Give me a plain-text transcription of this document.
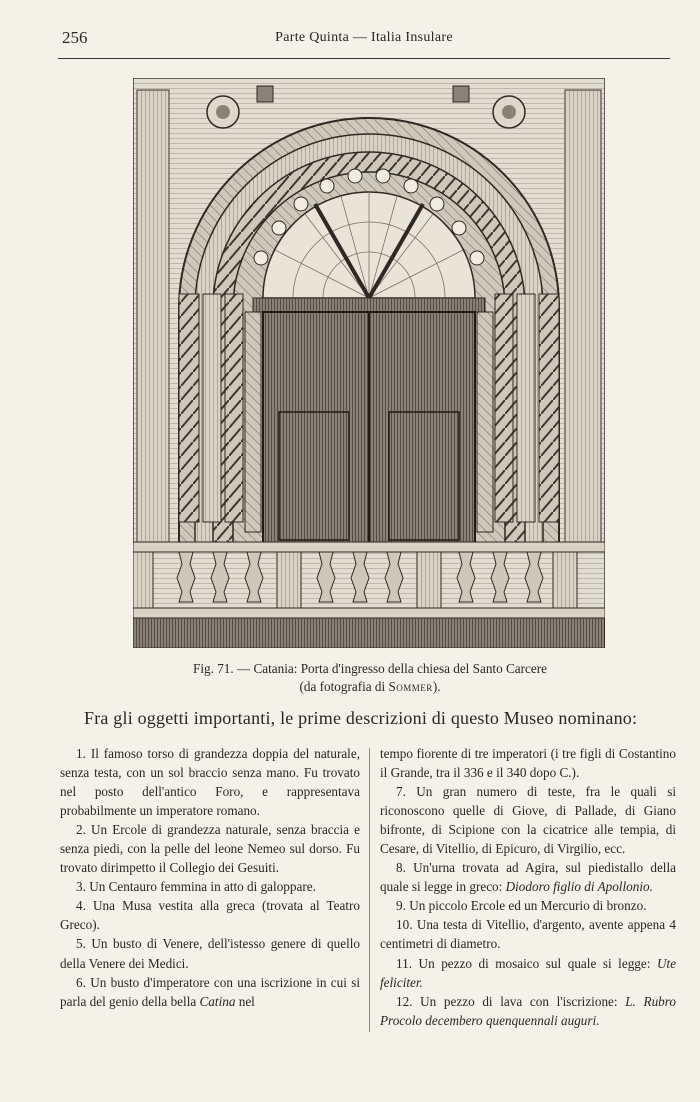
256	Parte Quinta — Italia Insulare
Fig. 71. — Catania: Porta d'ingresso della chiesa del Santo Carcere
(da fotografia di Sommer).
Fra gli oggetti importanti, le prime descrizioni di questo Museo nominano:

1. Il famoso torso di grandezza doppia del naturale, senza testa, con un sol braccio senza mano. Fu trovato nel posto dell'antico Foro, e rappresentava probabilmente un imperatore romano.

2. Un Ercole di grandezza naturale, senza braccia e senza piedi, con la pelle del leone Nemeo sul dorso. Fu trovato dirimpetto il Collegio dei Gesuiti.

3. Un Centauro femmina in atto di galoppare.

4. Una Musa vestita alla greca (trovata al Teatro Greco).

5. Un busto di Venere, dell'istesso genere di quello della Venere dei Medici.

6. Un busto d'imperatore con una iscrizione in cui si parla del genio della bella Catina nel

tempo fiorente di tre imperatori (i tre figli di Costantino il Grande, tra il 336 e il 340 dopo C.).

7. Un gran numero di teste, fra le quali si riconoscono quelle di Giove, di Pallade, di Giano bifronte, di Scipione con la cicatrice alle tempia, di Cesare, di Vitellio, di Epicuro, di Virgilio, ecc.

8. Un'urna trovata ad Agira, sul piedistallo della quale si legge in greco: Diodoro figlio di Apollonio.

9. Un piccolo Ercole ed un Mercurio di bronzo.

10. Una testa di Vitellio, d'argento, avente appena 4 centimetri di diametro.

11. Un pezzo di mosaico sul quale si legge: Ute feliciter.

12. Un pezzo di lava con l'iscrizione: L. Rubro Procolo decembero quenquennali auguri.
